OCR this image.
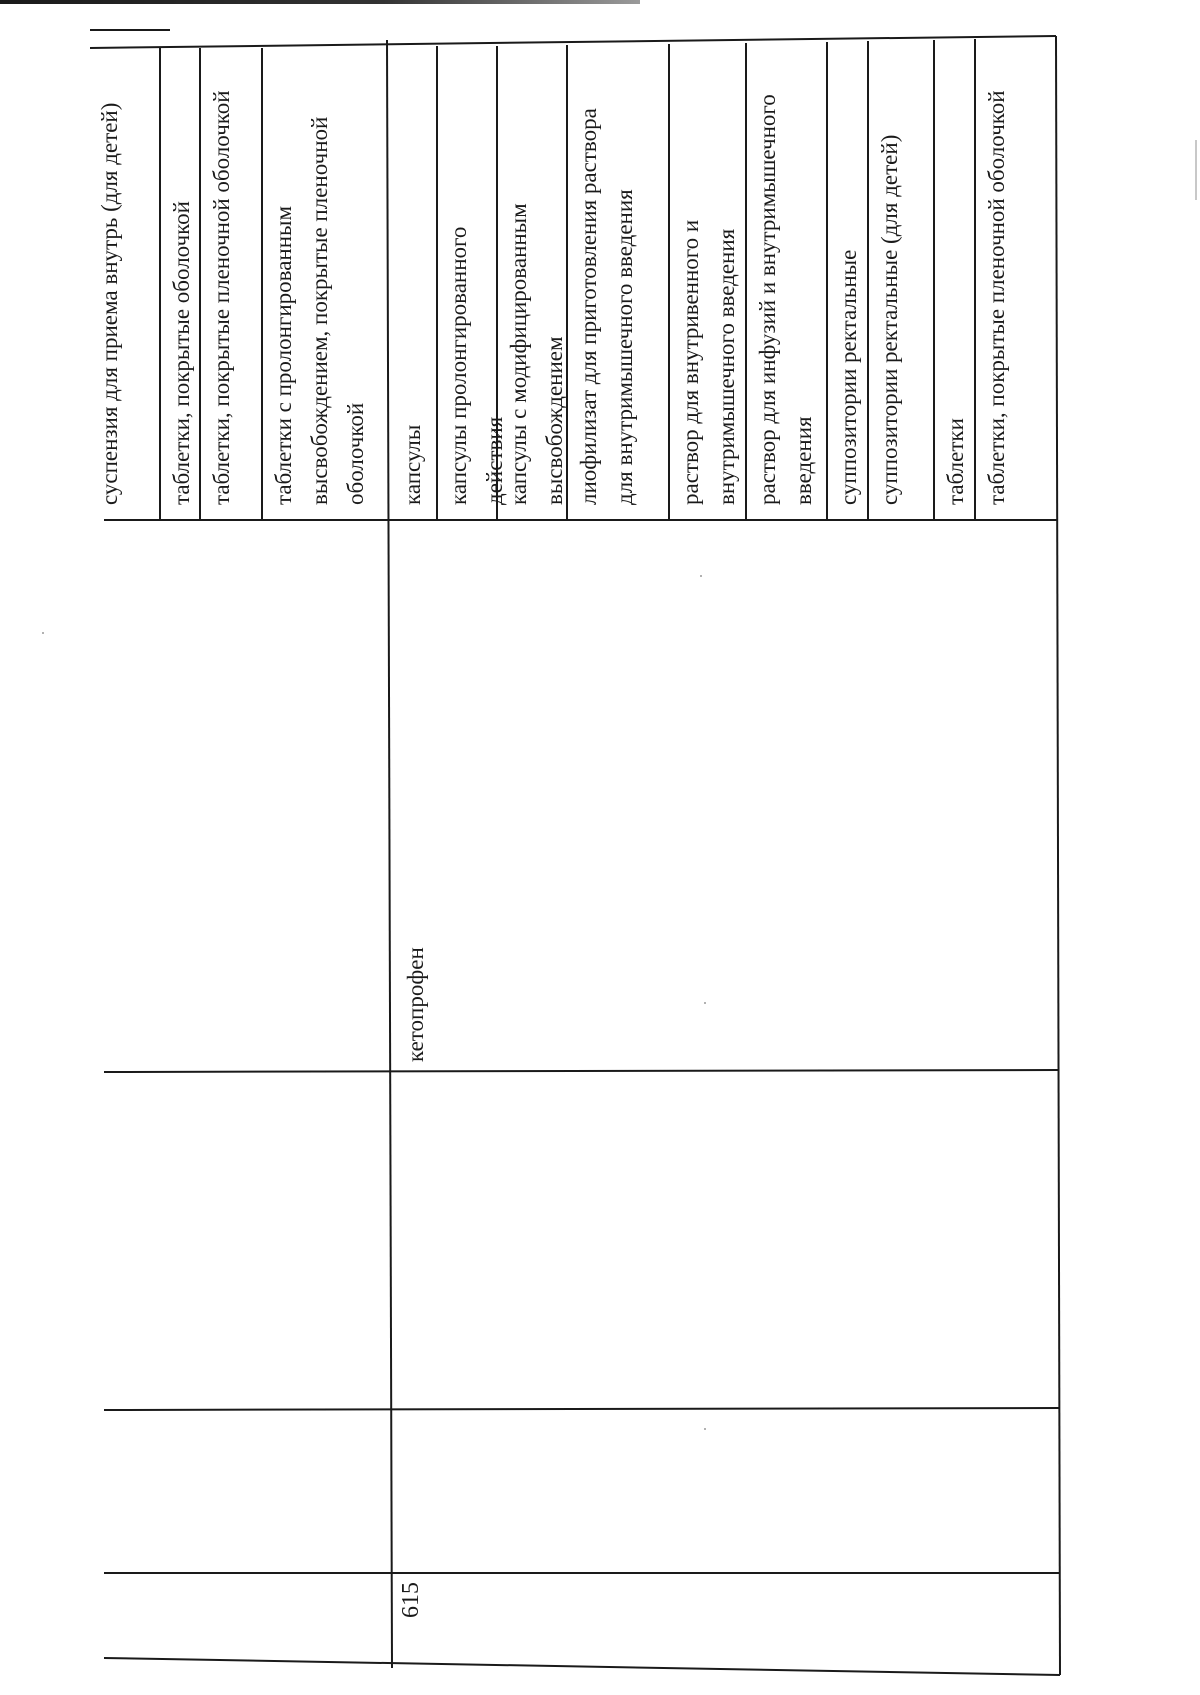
суспензия для приема внутрь (для детей) таблетки, покрытые оболочкой таблетки, покрытые пленочной оболочкой таблетки с пролонгированным высвобождением, покрытые пленочной оболочкой капсулы капсулы пролонгированного действия капсулы с модифицированным высвобождением лиофилизат для приготовления раствора для внутримышечного введения раствор для внутривенного и внутримышечного введения раствор для инфузий и внутримышечного введения суппозитории ректальные суппозитории ректальные (для детей) таблетки таблетки, покрытые пленочной оболочкой
кетопрофен
615
